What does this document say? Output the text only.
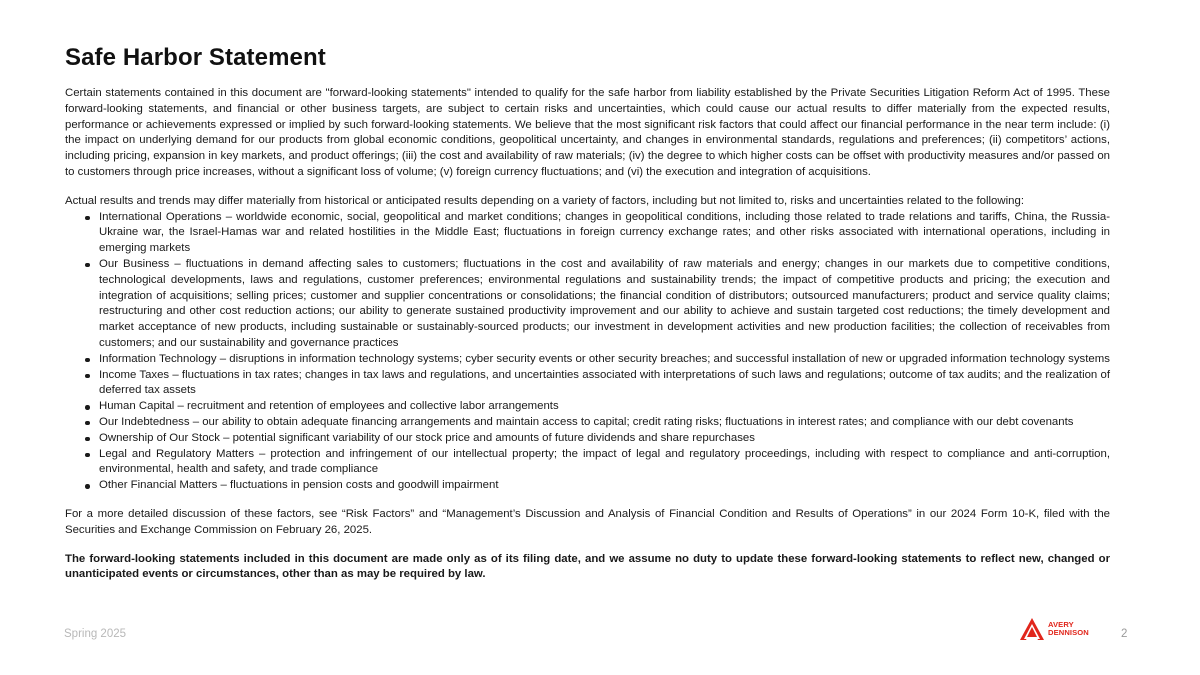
Safe Harbor Statement

Certain statements contained in this document are "forward-looking statements" intended to qualify for the safe harbor from liability established by the Private Securities Litigation Reform Act of 1995. These forward-looking statements, and financial or other business targets, are subject to certain risks and uncertainties, which could cause our actual results to differ materially from the expected results, performance or achievements expressed or implied by such forward-looking statements. We believe that the most significant risk factors that could affect our financial performance in the near term include: (i) the impact on underlying demand for our products from global economic conditions, geopolitical uncertainty, and changes in environmental standards, regulations and preferences; (ii) competitors’ actions, including pricing, expansion in key markets, and product offerings; (iii) the cost and availability of raw materials; (iv) the degree to which higher costs can be offset with productivity measures and/or passed on to customers through price increases, without a significant loss of volume; (v) foreign currency fluctuations; and (vi) the execution and integration of acquisitions.

Actual results and trends may differ materially from historical or anticipated results depending on a variety of factors, including but not limited to, risks and uncertainties related to the following:

International Operations – worldwide economic, social, geopolitical and market conditions; changes in geopolitical conditions, including those related to trade relations and tariffs, China, the Russia-Ukraine war, the Israel-Hamas war and related hostilities in the Middle East; fluctuations in foreign currency exchange rates; and other risks associated with international operations, including in emerging markets
Our Business – fluctuations in demand affecting sales to customers; fluctuations in the cost and availability of raw materials and energy; changes in our markets due to competitive conditions, technological developments, laws and regulations, customer preferences; environmental regulations and sustainability trends; the impact of competitive products and pricing; the execution and integration of acquisitions; selling prices; customer and supplier concentrations or consolidations; the financial condition of distributors; outsourced manufacturers; product and service quality claims; restructuring and other cost reduction actions; our ability to generate sustained productivity improvement and our ability to achieve and sustain targeted cost reductions; the timely development and market acceptance of new products, including sustainable or sustainably-sourced products; our investment in development activities and new production facilities; the collection of receivables from customers; and our sustainability and governance practices
Information Technology – disruptions in information technology systems; cyber security events or other security breaches; and successful installation of new or upgraded information technology systems
Income Taxes – fluctuations in tax rates; changes in tax laws and regulations, and uncertainties associated with interpretations of such laws and regulations; outcome of tax audits; and the realization of deferred tax assets
Human Capital – recruitment and retention of employees and collective labor arrangements
Our Indebtedness – our ability to obtain adequate financing arrangements and maintain access to capital; credit rating risks; fluctuations in interest rates; and compliance with our debt covenants
Ownership of Our Stock – potential significant variability of our stock price and amounts of future dividends and share repurchases
Legal and Regulatory Matters – protection and infringement of our intellectual property; the impact of legal and regulatory proceedings, including with respect to compliance and anti-corruption, environmental, health and safety, and trade compliance
Other Financial Matters – fluctuations in pension costs and goodwill impairment

For a more detailed discussion of these factors, see “Risk Factors” and “Management’s Discussion and Analysis of Financial Condition and Results of Operations” in our 2024 Form 10-K, filed with the Securities and Exchange Commission on February 26, 2025.

The forward-looking statements included in this document are made only as of its filing date, and we assume no duty to update these forward-looking statements to reflect new, changed or unanticipated events or circumstances, other than as may be required by law.

Spring 2025
AVERY
DENNISON	2
